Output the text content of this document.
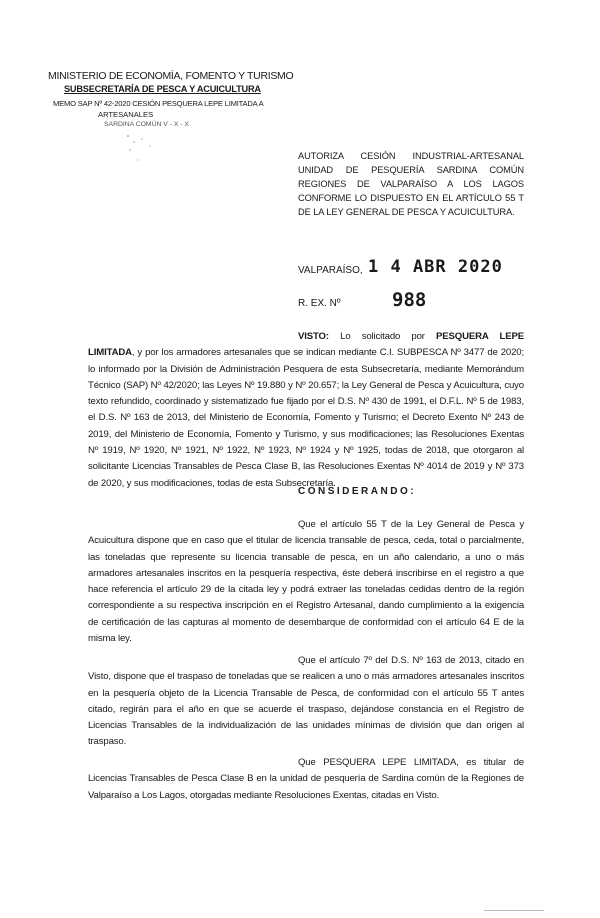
MINISTERIO DE ECONOMÍA, FOMENTO Y TURISMO
SUBSECRETARÍA DE PESCA Y ACUICULTURA
MEMO SAP Nº 42-2020 CESIÓN PESQUERA LEPE LIMITADA A
ARTESANALES
SARDINA COMÚN V - X - X
AUTORIZA CESIÓN INDUSTRIAL-ARTESANAL UNIDAD DE PESQUERÍA SARDINA COMÚN REGIONES DE VALPARAÍSO A LOS LAGOS CONFORME LO DISPUESTO EN EL ARTÍCULO 55 T DE LA LEY GENERAL DE PESCA Y ACUICULTURA.
VALPARAÍSO, 1 4 ABR 2020
R. EX. Nº	988
VISTO: Lo solicitado por PESQUERA LEPE LIMITADA, y por los armadores artesanales que se indican mediante C.I. SUBPESCA Nº 3477 de 2020; lo informado por la División de Administración Pesquera de esta Subsecretaría, mediante Memorándum Técnico (SAP) Nº 42/2020; las Leyes Nº 19.880 y Nº 20.657; la Ley General de Pesca y Acuicultura, cuyo texto refundido, coordinado y sistematizado fue fijado por el D.S. Nº 430 de 1991, el D.F.L. Nº 5 de 1983, el D.S. Nº 163 de 2013, del Ministerio de Economía, Fomento y Turismo; el Decreto Exento Nº 243 de 2019, del Ministerio de Economía, Fomento y Turismo, y sus modificaciones; las Resoluciones Exentas Nº 1919, Nº 1920, Nº 1921, Nº 1922, Nº 1923, Nº 1924 y Nº 1925, todas de 2018, que otorgaron al solicitante Licencias Transables de Pesca Clase B, las Resoluciones Exentas Nº 4014 de 2019 y Nº 373 de 2020, y sus modificaciones, todas de esta Subsecretaría.
CONSIDERANDO:
Que el artículo 55 T de la Ley General de Pesca y Acuicultura dispone que en caso que el titular de licencia transable de pesca, ceda, total o parcialmente, las toneladas que represente su licencia transable de pesca, en un año calendario, a uno o más armadores artesanales inscritos en la pesquería respectiva, éste deberá inscribirse en el registro a que hace referencia el artículo 29 de la citada ley y podrá extraer las toneladas cedidas dentro de la región correspondiente a su respectiva inscripción en el Registro Artesanal, dando cumplimiento a la exigencia de certificación de las capturas al momento de desembarque de conformidad con el artículo 64 E de la misma ley.
Que el artículo 7º del D.S. Nº 163 de 2013, citado en Visto, dispone que el traspaso de toneladas que se realicen a uno o más armadores artesanales inscritos en la pesquería objeto de la Licencia Transable de Pesca, de conformidad con el artículo 55 T antes citado, regirán para el año en que se acuerde el traspaso, dejándose constancia en el Registro de Licencias Transables de la individualización de las unidades mínimas de división que dan origen al traspaso.
Que PESQUERA LEPE LIMITADA, es titular de Licencias Transables de Pesca Clase B en la unidad de pesquería de Sardina común de la Regiones de Valparaíso a Los Lagos, otorgadas mediante Resoluciones Exentas, citadas en Visto.
